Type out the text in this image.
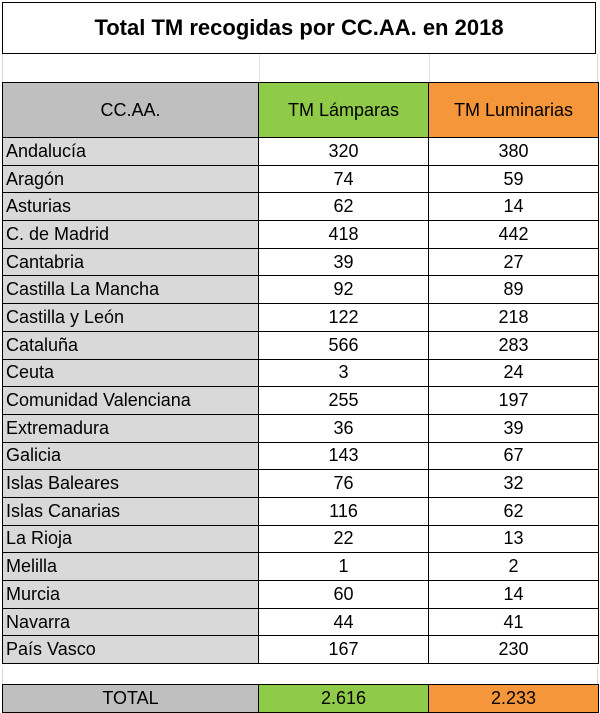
Total TM recogidas por CC.AA. en 2018
CC.AA.	TM Lámparas	TM Luminarias
Andalucía	320	380
Aragón	74	59
Asturias	62	14
C. de Madrid	418	442
Cantabria	39	27
Castilla La Mancha	92	89
Castilla y León	122	218
Cataluña	566	283
Ceuta	3	24
Comunidad Valenciana	255	197
Extremadura	36	39
Galicia	143	67
Islas Baleares	76	32
Islas Canarias	116	62
La Rioja	22	13
Melilla	1	2
Murcia	60	14
Navarra	44	41
País Vasco	167	230
TOTAL	2.616	2.233
